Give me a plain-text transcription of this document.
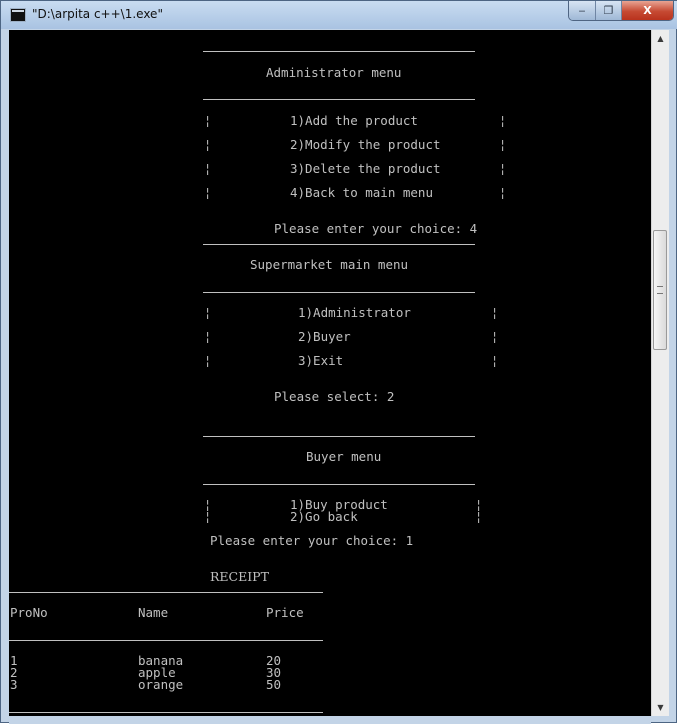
"D:\arpita c++\1.exe"	‒ ❐	X
Administrator menu
¦	1)Add the product	¦
¦	2)Modify the product	¦
¦	3)Delete the product	¦
¦	4)Back to main menu	¦
Please enter your choice: 4
Supermarket main menu
¦	1)Administrator	¦
¦	2)Buyer	¦
¦	3)Exit	¦
Please select: 2
Buyer menu
¦	1)Buy product	¦
¦	2)Go back	¦
Please enter your choice: 1
RECEIPT
ProNo	Name	Price
1	banana	20
2	apple	30
3	orange	50
▲
▼
